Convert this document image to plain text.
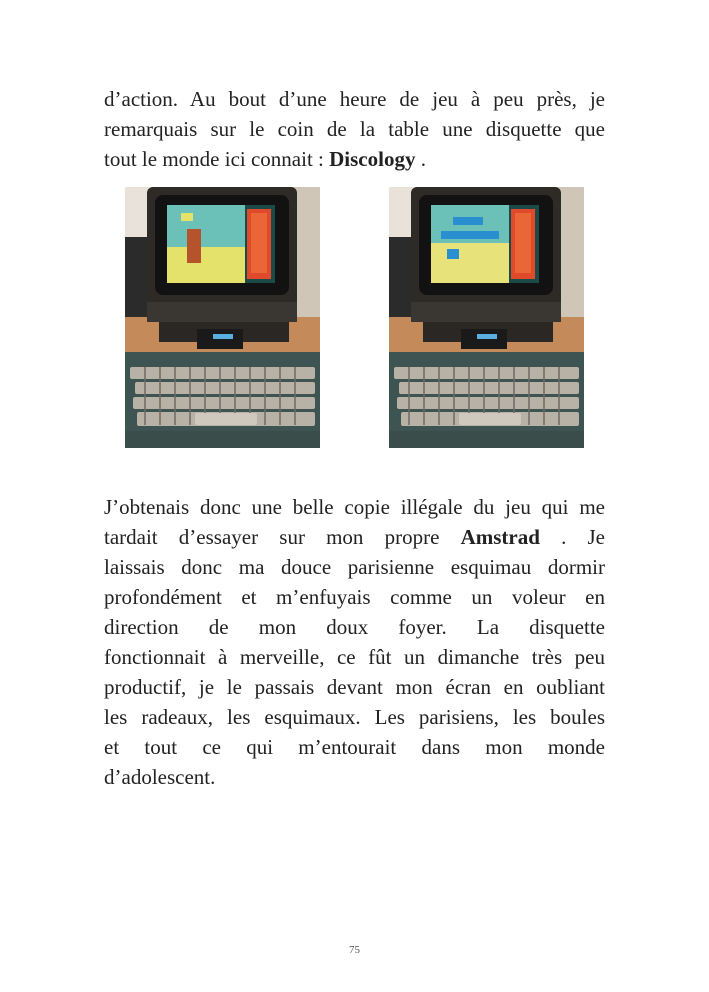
d’action. Au bout d’une heure de jeu à peu près, je
remarquais sur le coin de la table une disquette que
tout le monde ici connait : Discology .
J’obtenais donc une belle copie illégale du jeu qui me
tardait d’essayer sur mon propre Amstrad . Je
laissais donc ma douce parisienne esquimau dormir
profondément et m’enfuyais comme un voleur en
direction de mon doux foyer. La disquette
fonctionnait à merveille, ce fût un dimanche très peu
productif, je le passais devant mon écran en oubliant
les radeaux, les esquimaux. Les parisiens, les boules
et tout ce qui m’entourait dans mon monde
d’adolescent.
75
